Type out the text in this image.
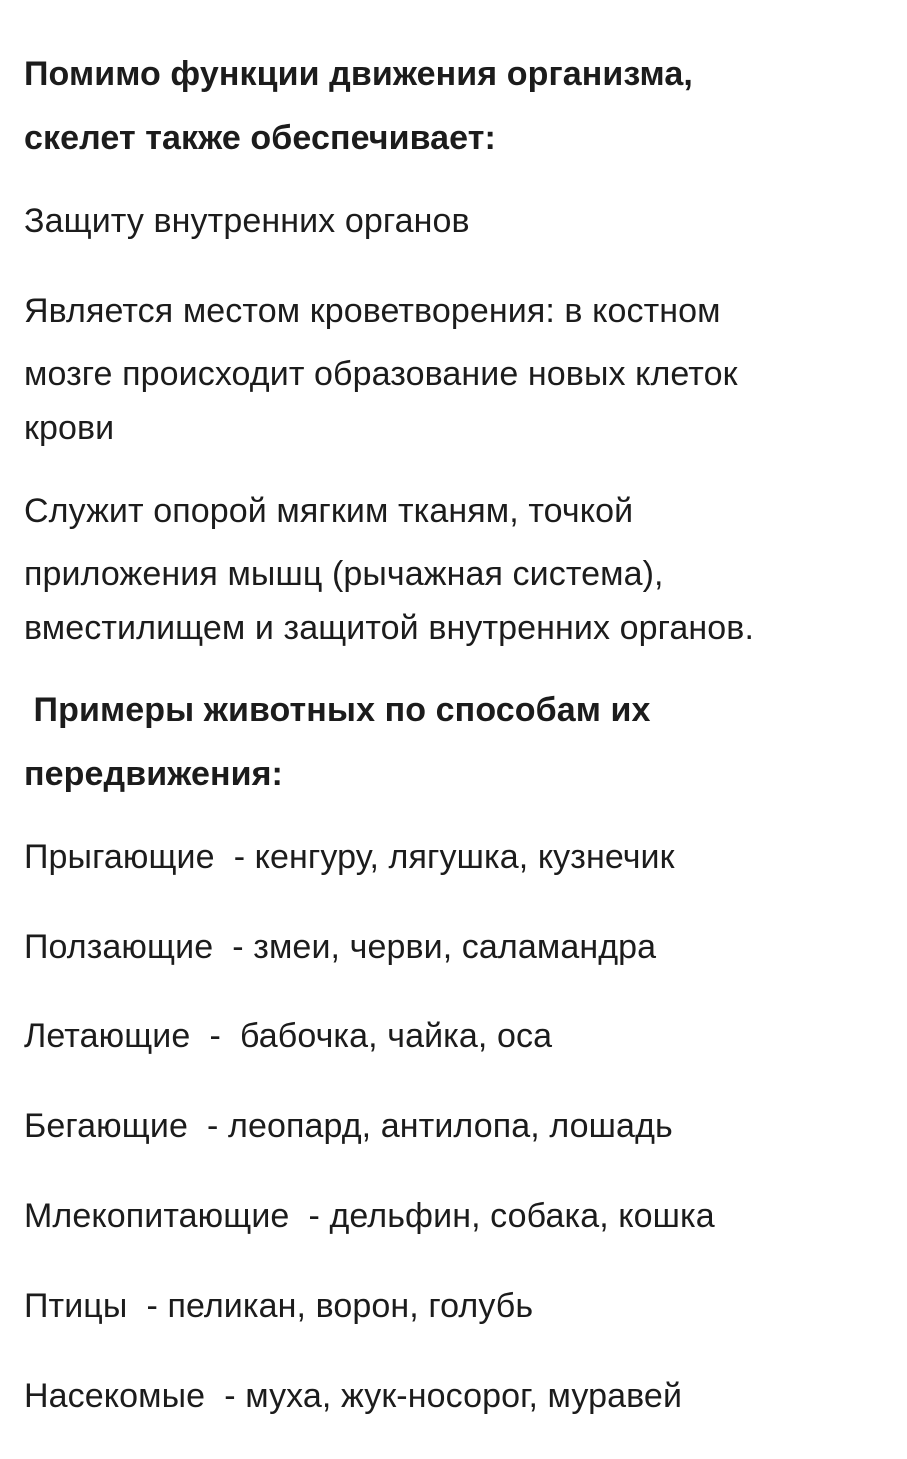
Помимо функции движения организма,

скелет также обеспечивает:

Защиту внутренних органов

Является местом кроветворения: в костном

мозге происходит образование новых клеток

крови

Служит опорой мягким тканям, точкой

приложения мышц (рычажная система),

вместилищем и защитой внутренних органов.

Примеры животных по способам их

передвижения:

Прыгающие  - кенгуру, лягушка, кузнечик

Ползающие  - змеи, черви, саламандра

Летающие  -  бабочка, чайка, оса

Бегающие  - леопард, антилопа, лошадь

Млекопитающие  - дельфин, собака, кошка

Птицы  - пеликан, ворон, голубь

Насекомые  - муха, жук-носорог, муравей
